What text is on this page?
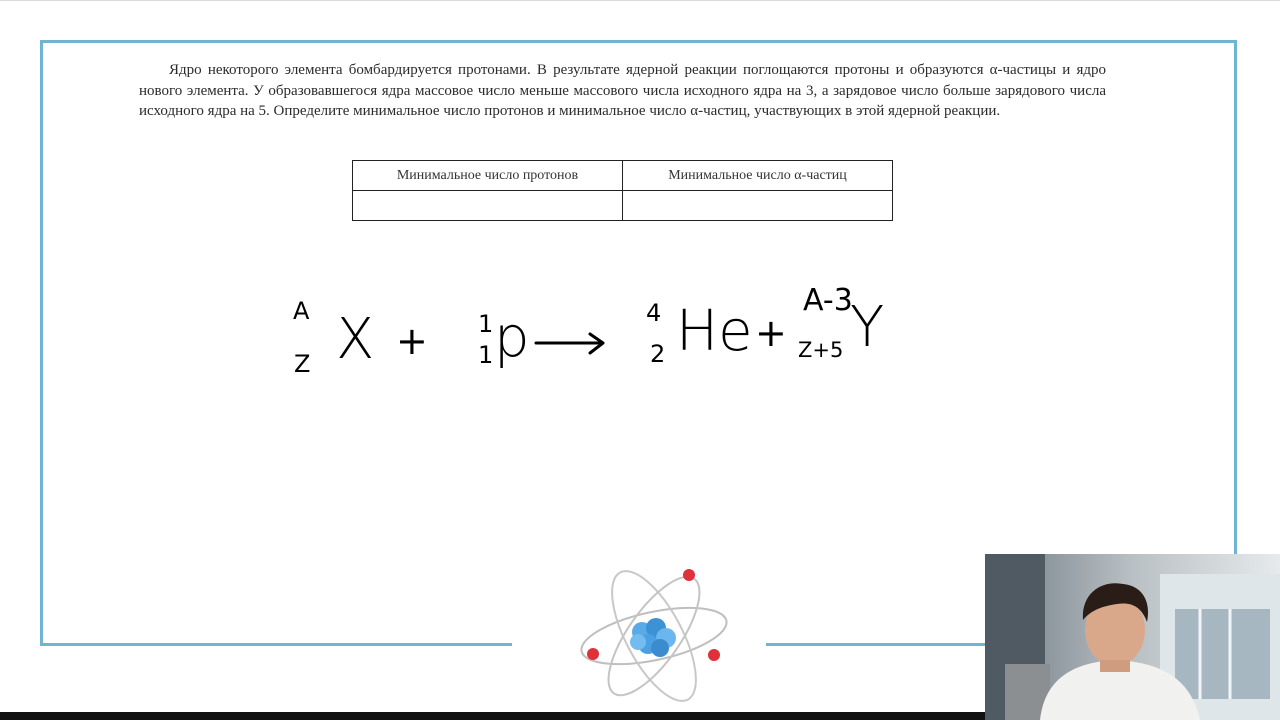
Ядро некоторого элемента бомбардируется протонами. В результате ядерной реакции поглощаются протоны и образуются α-частицы и ядро нового элемента. У образовавшегося ядра массовое число меньше массового числа исходного ядра на 3, а зарядовое число больше зарядового числа исходного ядра на 5. Определите минимальное число протонов и минимальное число α-частиц, участвующих в этой ядерной реакции.

Минимальное число протонов	Минимальное число α-частиц

A
Z X + 1
1 p	4
2 He +
A-3
Z+5 Y
